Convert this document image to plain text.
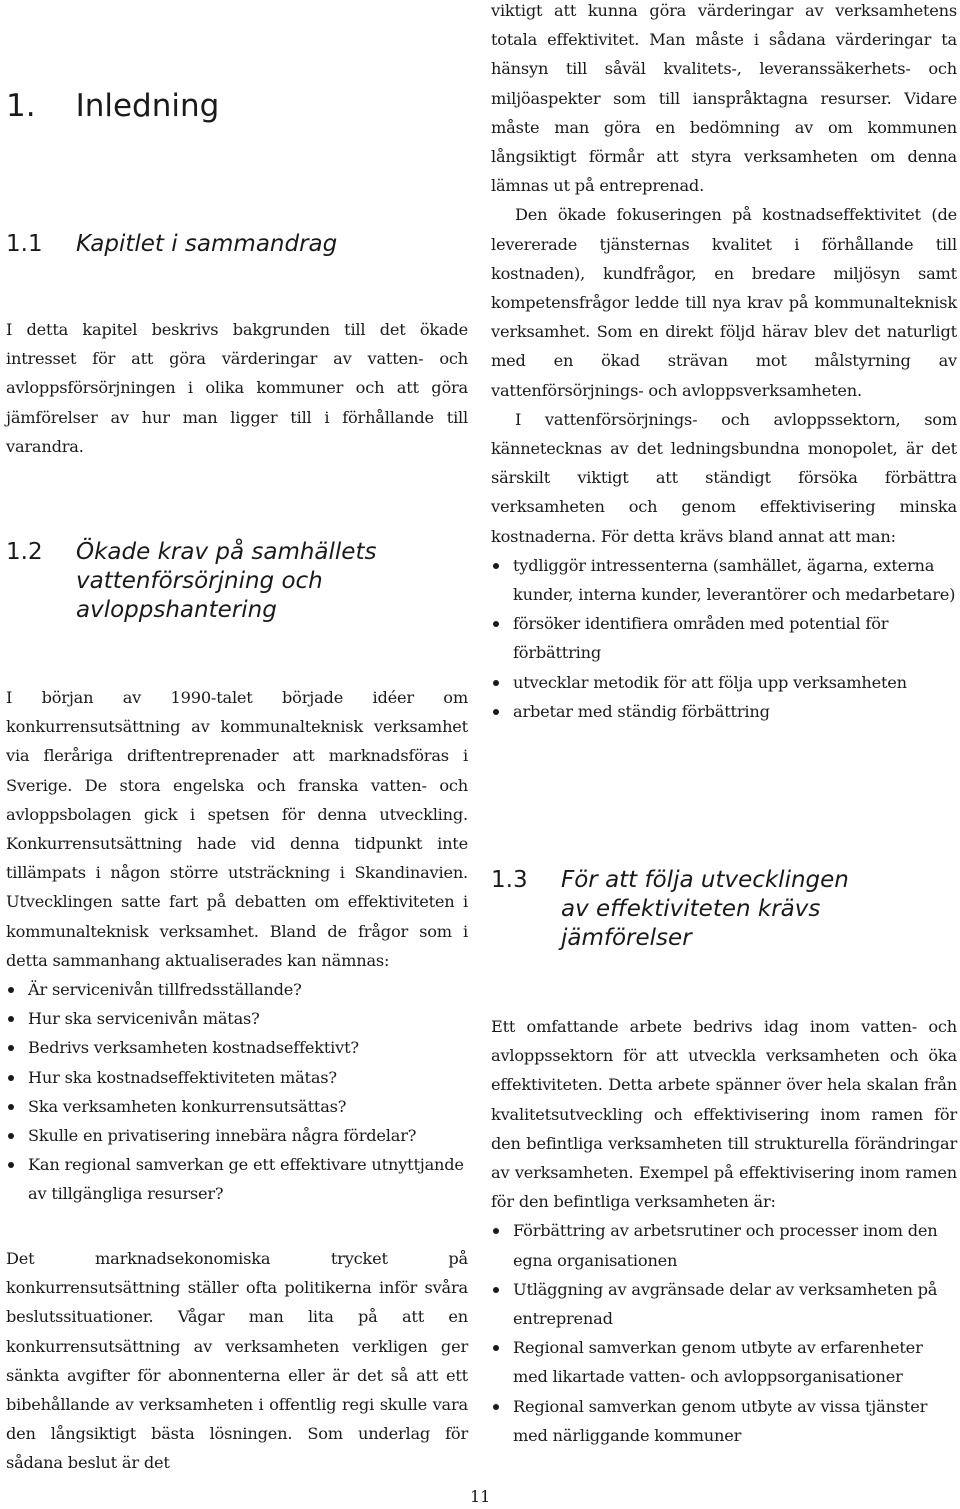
1. Inledning
1.1 Kapitlet i sammandrag

I detta kapitel beskrivs bakgrunden till det ökade intresset för att göra värderingar av vatten- och avloppsförsörjningen i olika kommuner och att göra jämförelser av hur man ligger till i förhållande till varandra.

1.2	Ökade krav på samhällets
vattenförsörjning och
avloppshantering

I början av 1990-talet började idéer om konkurrensutsättning av kommunalteknisk verksamhet via fleråriga driftentreprenader att marknadsföras i Sverige. De stora engelska och franska vatten- och avloppsbolagen gick i spetsen för denna utveckling. Konkurrensutsättning hade vid denna tidpunkt inte tillämpats i någon större utsträckning i Skandinavien. Utvecklingen satte fart på debatten om effektiviteten i kommunalteknisk verksamhet. Bland de frågor som i detta sammanhang aktualiserades kan nämnas:

Är servicenivån tillfredsställande?
Hur ska servicenivån mätas?
Bedrivs verksamheten kostnadseffektivt?
Hur ska kostnadseffektiviteten mätas?
Ska verksamheten konkurrensutsättas?
Skulle en privatisering innebära några fördelar?
Kan regional samverkan ge ett effektivare utnyttjande av tillgängliga resurser?

Det marknadsekonomiska trycket på konkurrensutsättning ställer ofta politikerna inför svåra beslutssituationer. Vågar man lita på att en konkurrensutsättning av verksamheten verkligen ger sänkta avgifter för abonnenterna eller är det så att ett bibehållande av verksamheten i offentlig regi skulle vara den långsiktigt bästa lösningen. Som underlag för sådana beslut är det

viktigt att kunna göra värderingar av verksamhetens totala effektivitet. Man måste i sådana värderingar ta hänsyn till såväl kvalitets-, leveranssäkerhets- och miljöaspekter som till ianspråktagna resurser. Vidare måste man göra en bedömning av om kommunen långsiktigt förmår att styra verksamheten om denna lämnas ut på entreprenad.

Den ökade fokuseringen på kostnadseffektivitet (de levererade tjänsternas kvalitet i förhållande till kostnaden), kundfrågor, en bredare miljösyn samt kompetensfrågor ledde till nya krav på kommunalteknisk verksamhet. Som en direkt följd härav blev det naturligt med en ökad strävan mot målstyrning av vattenförsörjnings- och avloppsverksamheten.

I vattenförsörjnings- och avloppssektorn, som kännetecknas av det ledningsbundna monopolet, är det särskilt viktigt att ständigt försöka förbättra verksamheten och genom effektivisering minska kostnaderna. För detta krävs bland annat att man:

tydliggör intressenterna (samhället, ägarna, externa kunder, interna kunder, leverantörer och medarbetare)
försöker identifiera områden med potential för förbättring
utvecklar metodik för att följa upp verksamheten
arbetar med ständig förbättring
1.3	För att följa utvecklingen
av effektiviteten krävs
jämförelser

Ett omfattande arbete bedrivs idag inom vatten- och avloppssektorn för att utveckla verksamheten och öka effektiviteten. Detta arbete spänner över hela skalan från kvalitetsutveckling och effektivisering inom ramen för den befintliga verksamheten till strukturella förändringar av verksamheten. Exempel på effektivisering inom ramen för den befintliga verksamheten är:

Förbättring av arbetsrutiner och processer inom den egna organisationen
Utläggning av avgränsade delar av verksamheten på entreprenad
Regional samverkan genom utbyte av erfarenheter med likartade vatten- och avloppsorganisationer
Regional samverkan genom utbyte av vissa tjänster med närliggande kommuner
11
